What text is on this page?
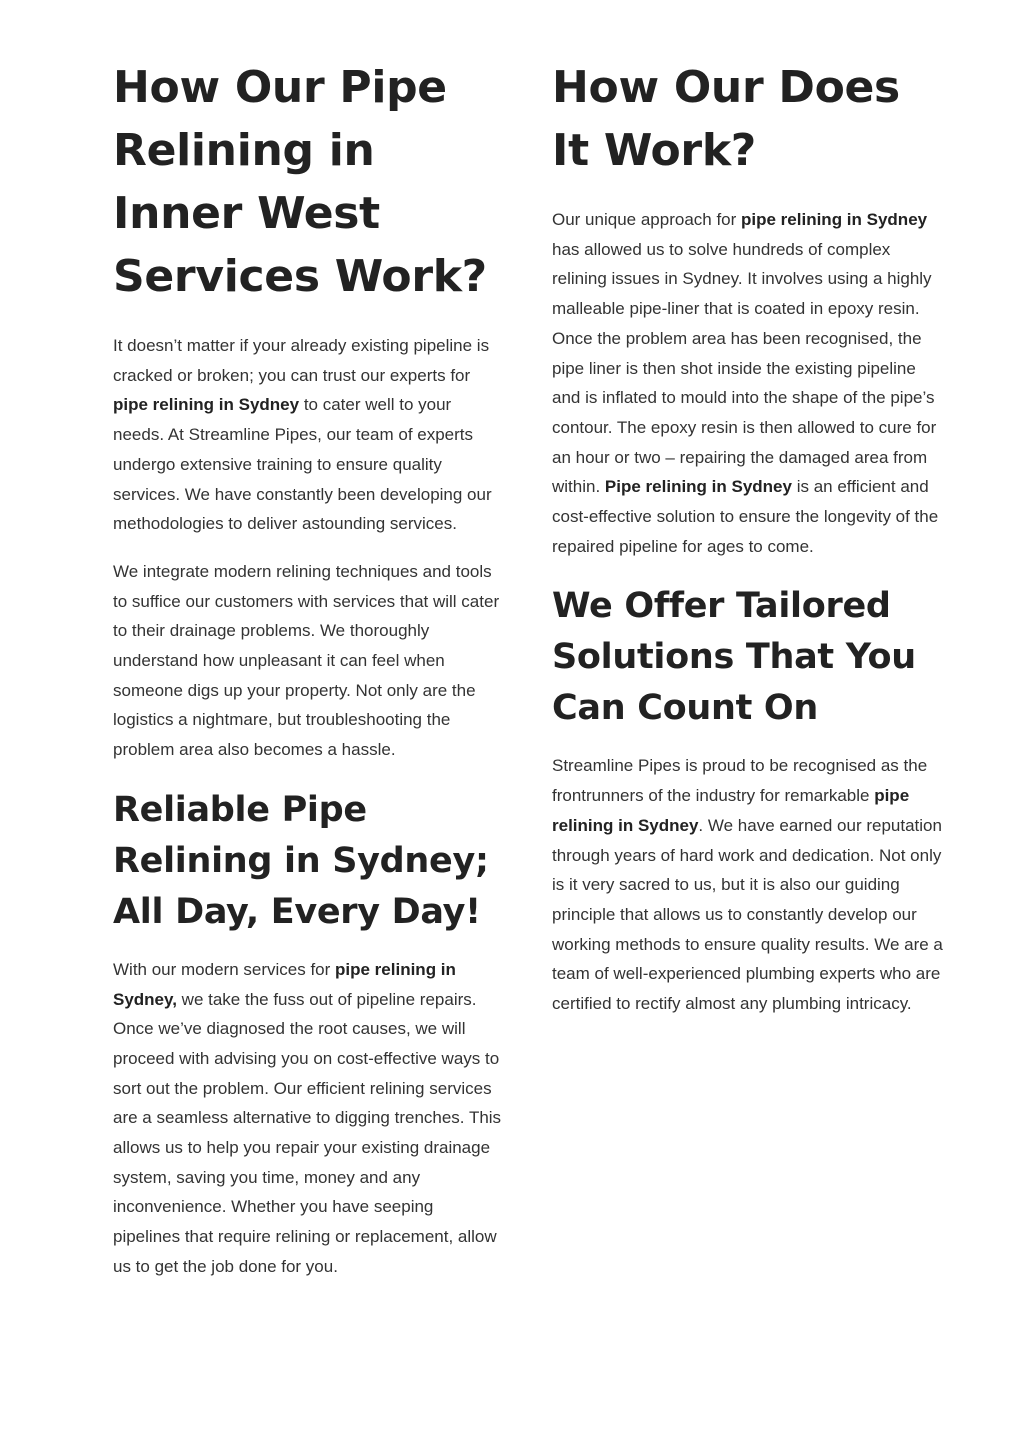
How Our Pipe Relining in Inner West Services Work?

It doesn’t matter if your already existing pipeline is cracked or broken; you can trust our experts for pipe relining in Sydney to cater well to your needs. At Streamline Pipes, our team of experts undergo extensive training to ensure quality services. We have constantly been developing our methodologies to deliver astounding services.

We integrate modern relining techniques and tools to suffice our customers with services that will cater to their drainage problems. We thoroughly understand how unpleasant it can feel when someone digs up your property. Not only are the logistics a nightmare, but troubleshooting the problem area also becomes a hassle.

Reliable Pipe Relining in Sydney; All Day, Every Day!

With our modern services for pipe relining in Sydney, we take the fuss out of pipeline repairs. Once we’ve diagnosed the root causes, we will proceed with advising you on cost-effective ways to sort out the problem. Our efficient relining services are a seamless alternative to digging trenches. This allows us to help you repair your existing drainage system, saving you time, money and any inconvenience. Whether you have seeping pipelines that require relining or replacement, allow us to get the job done for you.

How Our Does It Work?

Our unique approach for pipe relining in Sydney has allowed us to solve hundreds of complex relining issues in Sydney. It involves using a highly malleable pipe-liner that is coated in epoxy resin. Once the problem area has been recognised, the pipe liner is then shot inside the existing pipeline and is inflated to mould into the shape of the pipe’s contour. The epoxy resin is then allowed to cure for an hour or two – repairing the damaged area from within. Pipe relining in Sydney is an efficient and cost-effective solution to ensure the longevity of the repaired pipeline for ages to come.

We Offer Tailored Solutions That You Can Count On

Streamline Pipes is proud to be recognised as the frontrunners of the industry for remarkable pipe relining in Sydney. We have earned our reputation through years of hard work and dedication. Not only is it very sacred to us, but it is also our guiding principle that allows us to constantly develop our working methods to ensure quality results. We are a team of well-experienced plumbing experts who are certified to rectify almost any plumbing intricacy.
